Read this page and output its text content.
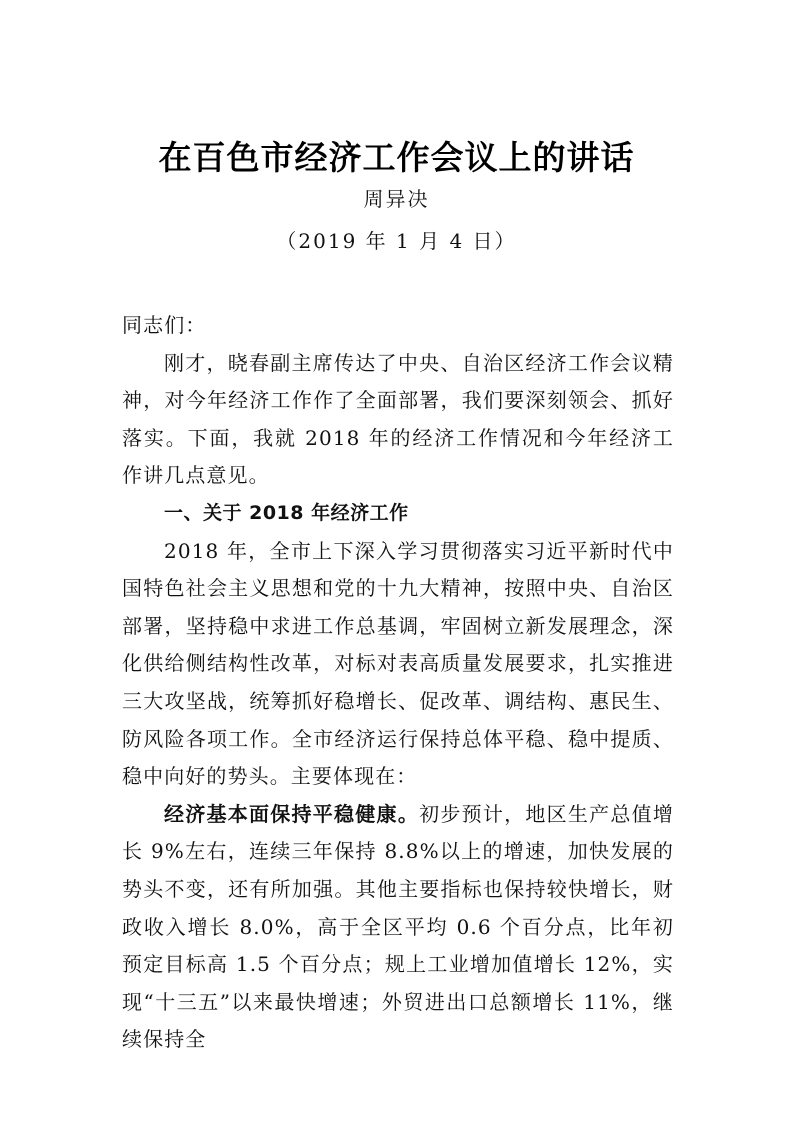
在百色市经济工作会议上的讲话
周异决
（2019 年 1 月 4 日）

同志们：

刚才，晓春副主席传达了中央、自治区经济工作会议精神，对今年经济工作作了全面部署，我们要深刻领会、抓好落实。下面，我就 2018 年的经济工作情况和今年经济工作讲几点意见。

一、关于 2018 年经济工作

2018 年，全市上下深入学习贯彻落实习近平新时代中国特色社会主义思想和党的十九大精神，按照中央、自治区部署，坚持稳中求进工作总基调，牢固树立新发展理念，深化供给侧结构性改革，对标对表高质量发展要求，扎实推进三大攻坚战，统筹抓好稳增长、促改革、调结构、惠民生、防风险各项工作。全市经济运行保持总体平稳、稳中提质、稳中向好的势头。主要体现在：

经济基本面保持平稳健康。初步预计，地区生产总值增长 9%左右，连续三年保持 8.8%以上的增速，加快发展的势头不变，还有所加强。其他主要指标也保持较快增长，财政收入增长 8.0%，高于全区平均 0.6 个百分点，比年初预定目标高 1.5 个百分点；规上工业增加值增长 12%，实现“十三五”以来最快增速；外贸进出口总额增长 11%，继续保持全
